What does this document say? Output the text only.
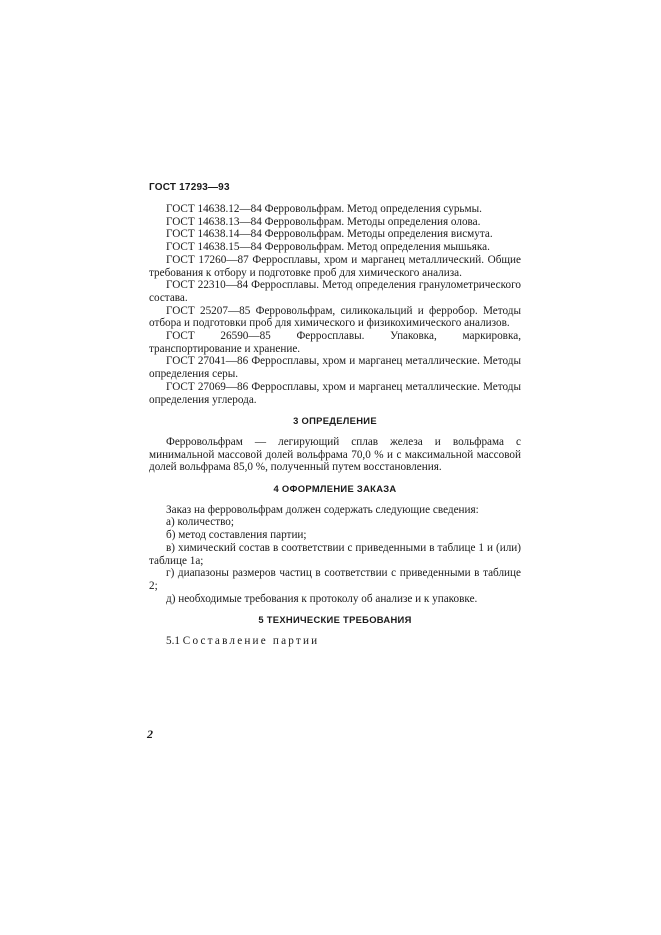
ГОСТ 17293—93

ГОСТ 14638.12—84 Ферровольфрам. Метод определения сурьмы.

ГОСТ 14638.13—84 Ферровольфрам. Методы определения олова.

ГОСТ 14638.14—84 Ферровольфрам. Методы определения висмута.

ГОСТ 14638.15—84 Ферровольфрам. Метод определения мышьяка.

ГОСТ 17260—87 Ферросплавы, хром и марганец металлический. Общие требования к отбору и подготовке проб для химического анализа.

ГОСТ 22310—84 Ферросплавы. Метод определения гранулометрического состава.

ГОСТ 25207—85 Ферровольфрам, силикокальций и ферробор. Методы отбора и подготовки проб для химического и физикохимического анализов.

ГОСТ 26590—85 Ферросплавы. Упаковка, маркировка, транспортирование и хранение.

ГОСТ 27041—86 Ферросплавы, хром и марганец металлические. Методы определения серы.

ГОСТ 27069—86 Ферросплавы, хром и марганец металлические. Методы определения углерода.

3 ОПРЕДЕЛЕНИЕ

Ферровольфрам — легирующий сплав железа и вольфрама с минимальной массовой долей вольфрама 70,0 % и с максимальной массовой долей вольфрама 85,0 %, полученный путем восстановления.

4 ОФОРМЛЕНИЕ ЗАКАЗА

Заказ на ферровольфрам должен содержать следующие сведения:

а) количество;

б) метод составления партии;

в) химический состав в соответствии с приведенными в таблице 1 и (или) таблице 1а;

г) диапазоны размеров частиц в соответствии с приведенными в таблице 2;

д) необходимые требования к протоколу об анализе и к упаковке.

5 ТЕХНИЧЕСКИЕ ТРЕБОВАНИЯ

5.1 Составление партии

2
